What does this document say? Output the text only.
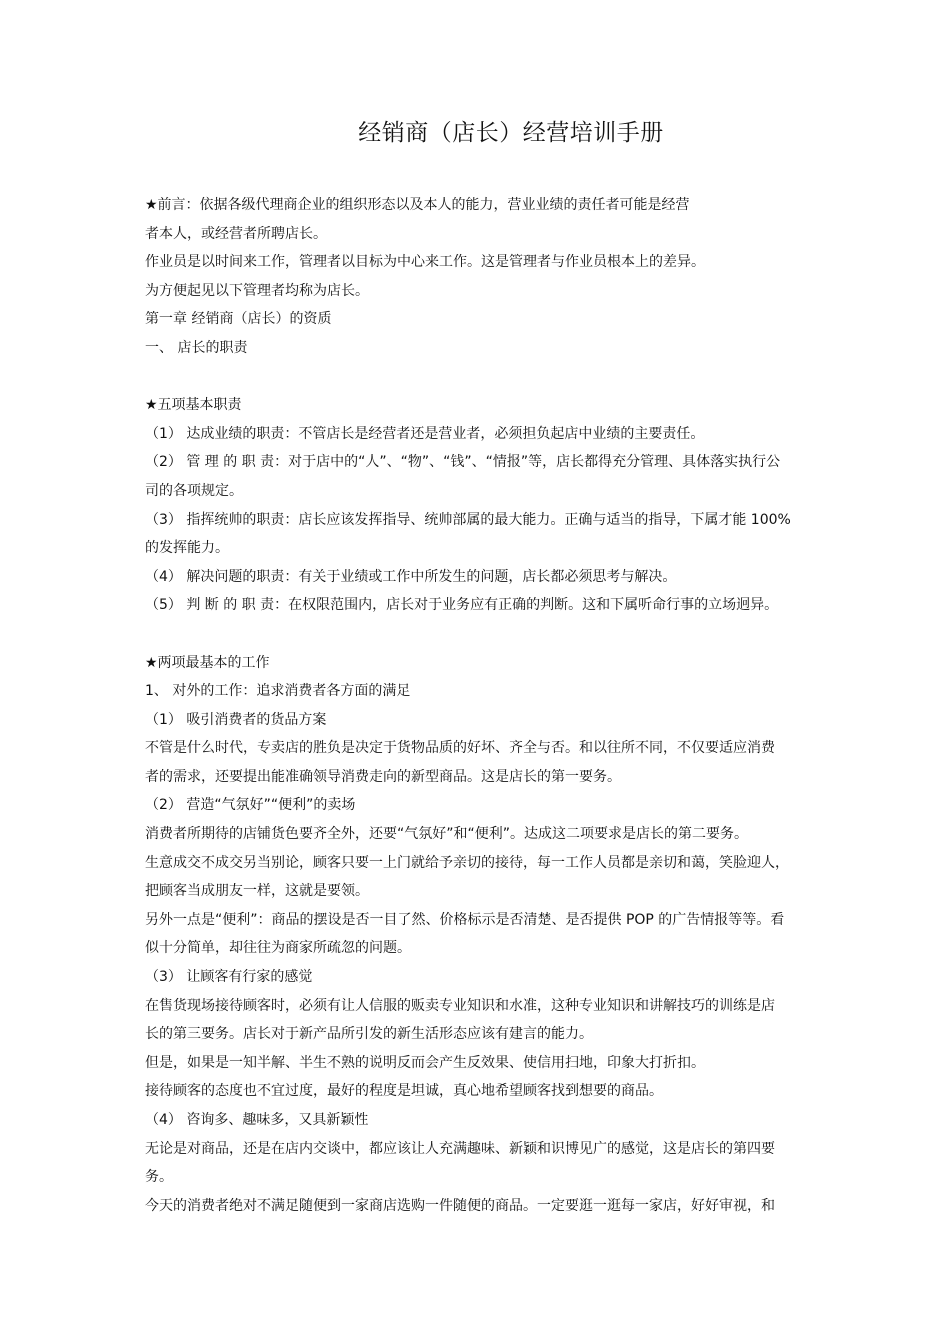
经销商（店长）经营培训手册
★前言：依据各级代理商企业的组织形态以及本人的能力，营业业绩的责任者可能是经营
者本人，或经营者所聘店长。
作业员是以时间来工作，管理者以目标为中心来工作。这是管理者与作业员根本上的差异。
为方便起见以下管理者均称为店长。
第一章 经销商（店长）的资质
一、 店长的职责
★五项基本职责
（1） 达成业绩的职责：不管店长是经营者还是营业者，必须担负起店中业绩的主要责任。
（2） 管 理 的 职 责：对于店中的“人”、“物”、“钱”、“情报”等，店长都得充分管理、具体落实执行公
司的各项规定。
（3） 指挥统帅的职责：店长应该发挥指导、统帅部属的最大能力。正确与适当的指导，下属才能 100%
的发挥能力。
（4） 解决问题的职责：有关于业绩或工作中所发生的问题，店长都必须思考与解决。
（5） 判 断 的 职 责：在权限范围内，店长对于业务应有正确的判断。这和下属听命行事的立场迥异。
★两项最基本的工作
1、 对外的工作：追求消费者各方面的满足
（1） 吸引消费者的货品方案
不管是什么时代，专卖店的胜负是决定于货物品质的好坏、齐全与否。和以往所不同，不仅要适应消费
者的需求，还要提出能准确领导消费走向的新型商品。这是店长的第一要务。
（2） 营造“气氛好”“便利”的卖场
消费者所期待的店铺货色要齐全外，还要“气氛好”和“便利”。达成这二项要求是店长的第二要务。
生意成交不成交另当别论，顾客只要一上门就给予亲切的接待，每一工作人员都是亲切和蔼，笑脸迎人，
把顾客当成朋友一样，这就是要领。
另外一点是“便利”：商品的摆设是否一目了然、价格标示是否清楚、是否提供 POP 的广告情报等等。看
似十分简单，却往往为商家所疏忽的问题。
（3） 让顾客有行家的感觉
在售货现场接待顾客时，必须有让人信服的贩卖专业知识和水准，这种专业知识和讲解技巧的训练是店
长的第三要务。店长对于新产品所引发的新生活形态应该有建言的能力。
但是，如果是一知半解、半生不熟的说明反而会产生反效果、使信用扫地，印象大打折扣。
接待顾客的态度也不宜过度，最好的程度是坦诚，真心地希望顾客找到想要的商品。
（4） 咨询多、趣味多，又具新颖性
无论是对商品，还是在店内交谈中，都应该让人充满趣味、新颖和识博见广的感觉，这是店长的第四要
务。
今天的消费者绝对不满足随便到一家商店选购一件随便的商品。一定要逛一逛每一家店，好好审视，和
